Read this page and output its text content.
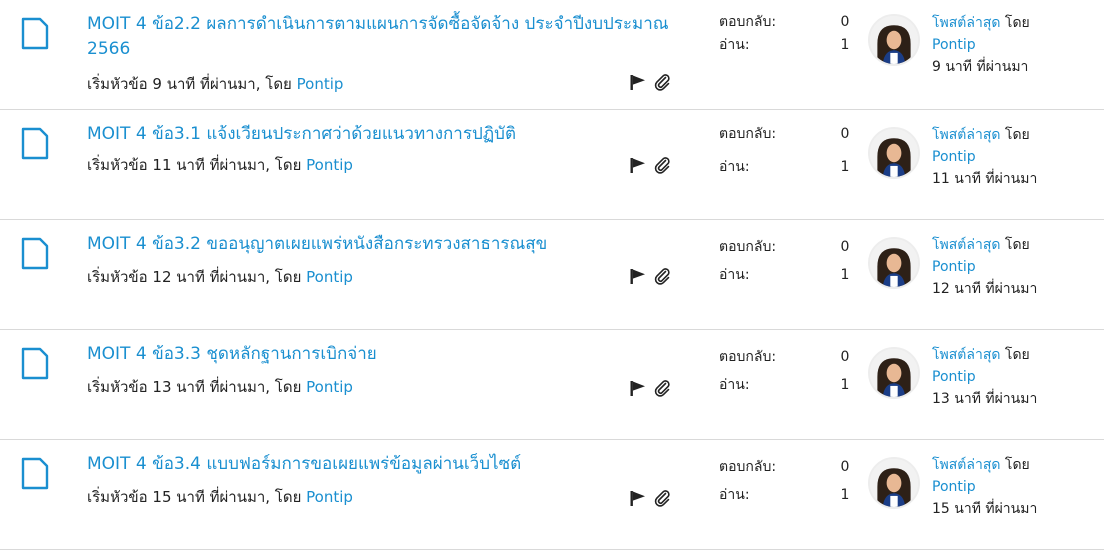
MOIT 4 ข้อ2.2 ผลการดำเนินการตามแผนการจัดซื้อจัดจ้าง ประจำปีงบประมาณ 2566
เริ่มหัวข้อ 9 นาที ที่ผ่านมา, โดย Pontip
ตอบกลับ:
อ่าน:
0
1
โพสต์ล่าสุด โดย
Pontip
9 นาที ที่ผ่านมา
MOIT 4 ข้อ3.1 แจ้งเวียนประกาศว่าด้วยแนวทางการปฏิบัติ
เริ่มหัวข้อ 11 นาที ที่ผ่านมา, โดย Pontip
ตอบกลับ:
อ่าน:
0
1
โพสต์ล่าสุด โดย
Pontip
11 นาที ที่ผ่านมา
MOIT 4 ข้อ3.2 ขออนุญาตเผยแพร่หนังสือกระทรวงสาธารณสุข
เริ่มหัวข้อ 12 นาที ที่ผ่านมา, โดย Pontip
ตอบกลับ:
อ่าน:
0
1
โพสต์ล่าสุด โดย
Pontip
12 นาที ที่ผ่านมา
MOIT 4 ข้อ3.3 ชุดหลักฐานการเบิกจ่าย
เริ่มหัวข้อ 13 นาที ที่ผ่านมา, โดย Pontip
ตอบกลับ:
อ่าน:
0
1
โพสต์ล่าสุด โดย
Pontip
13 นาที ที่ผ่านมา
MOIT 4 ข้อ3.4 แบบฟอร์มการขอเผยแพร่ข้อมูลผ่านเว็บไซต์
เริ่มหัวข้อ 15 นาที ที่ผ่านมา, โดย Pontip
ตอบกลับ:
อ่าน:
0
1
โพสต์ล่าสุด โดย
Pontip
15 นาที ที่ผ่านมา
